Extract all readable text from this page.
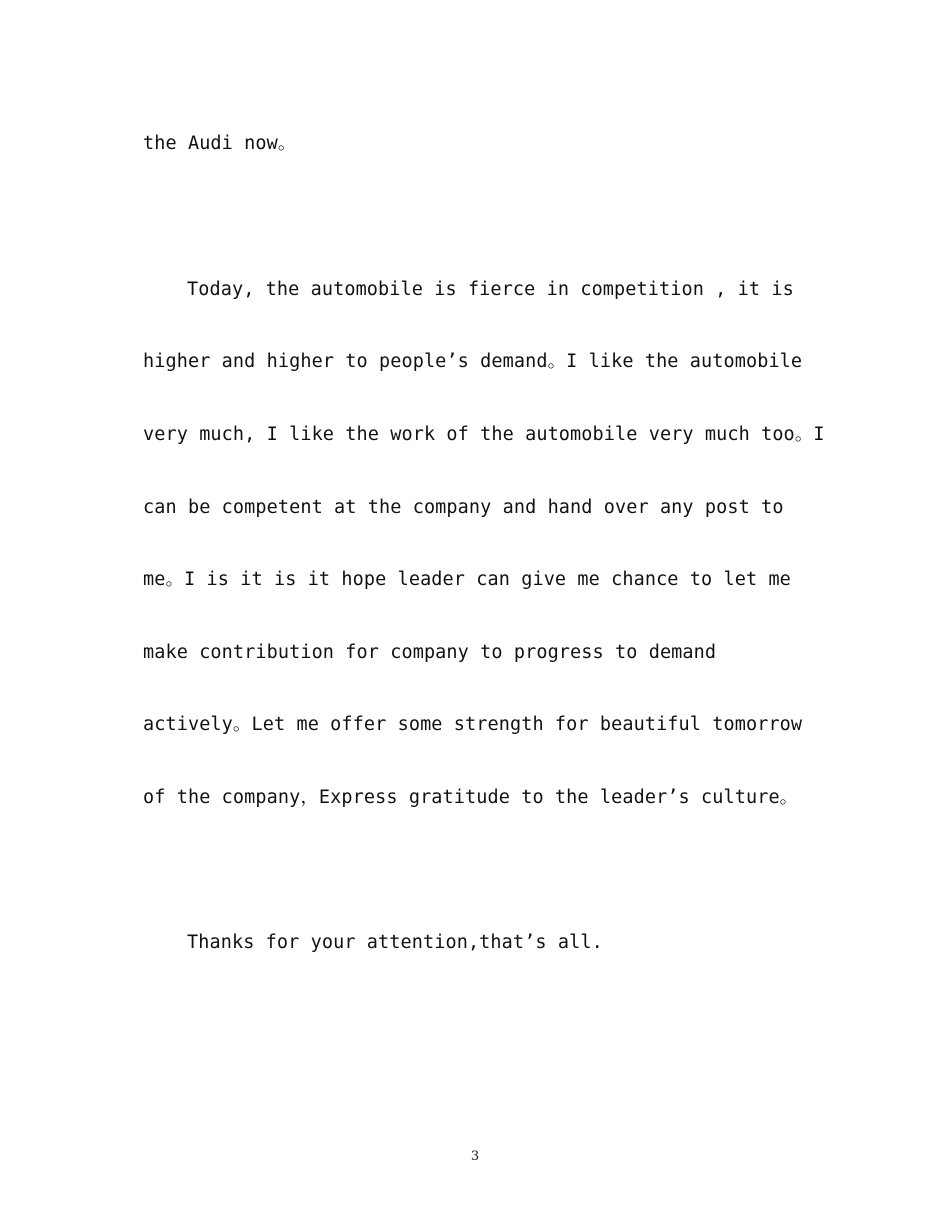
the Audi now。
Today, the automobile is fierce in competition , it is
higher and higher to people’s demand。I like the automobile
very much, I like the work of the automobile very much too。I
can be competent at the company and hand over any post to
me。I is it is it hope leader can give me chance to let me
make contribution for company to progress to demand
actively。Let me offer some strength for beautiful tomorrow
of the company，Express gratitude to the leader’s culture。
Thanks for your attention,that’s all.
3
